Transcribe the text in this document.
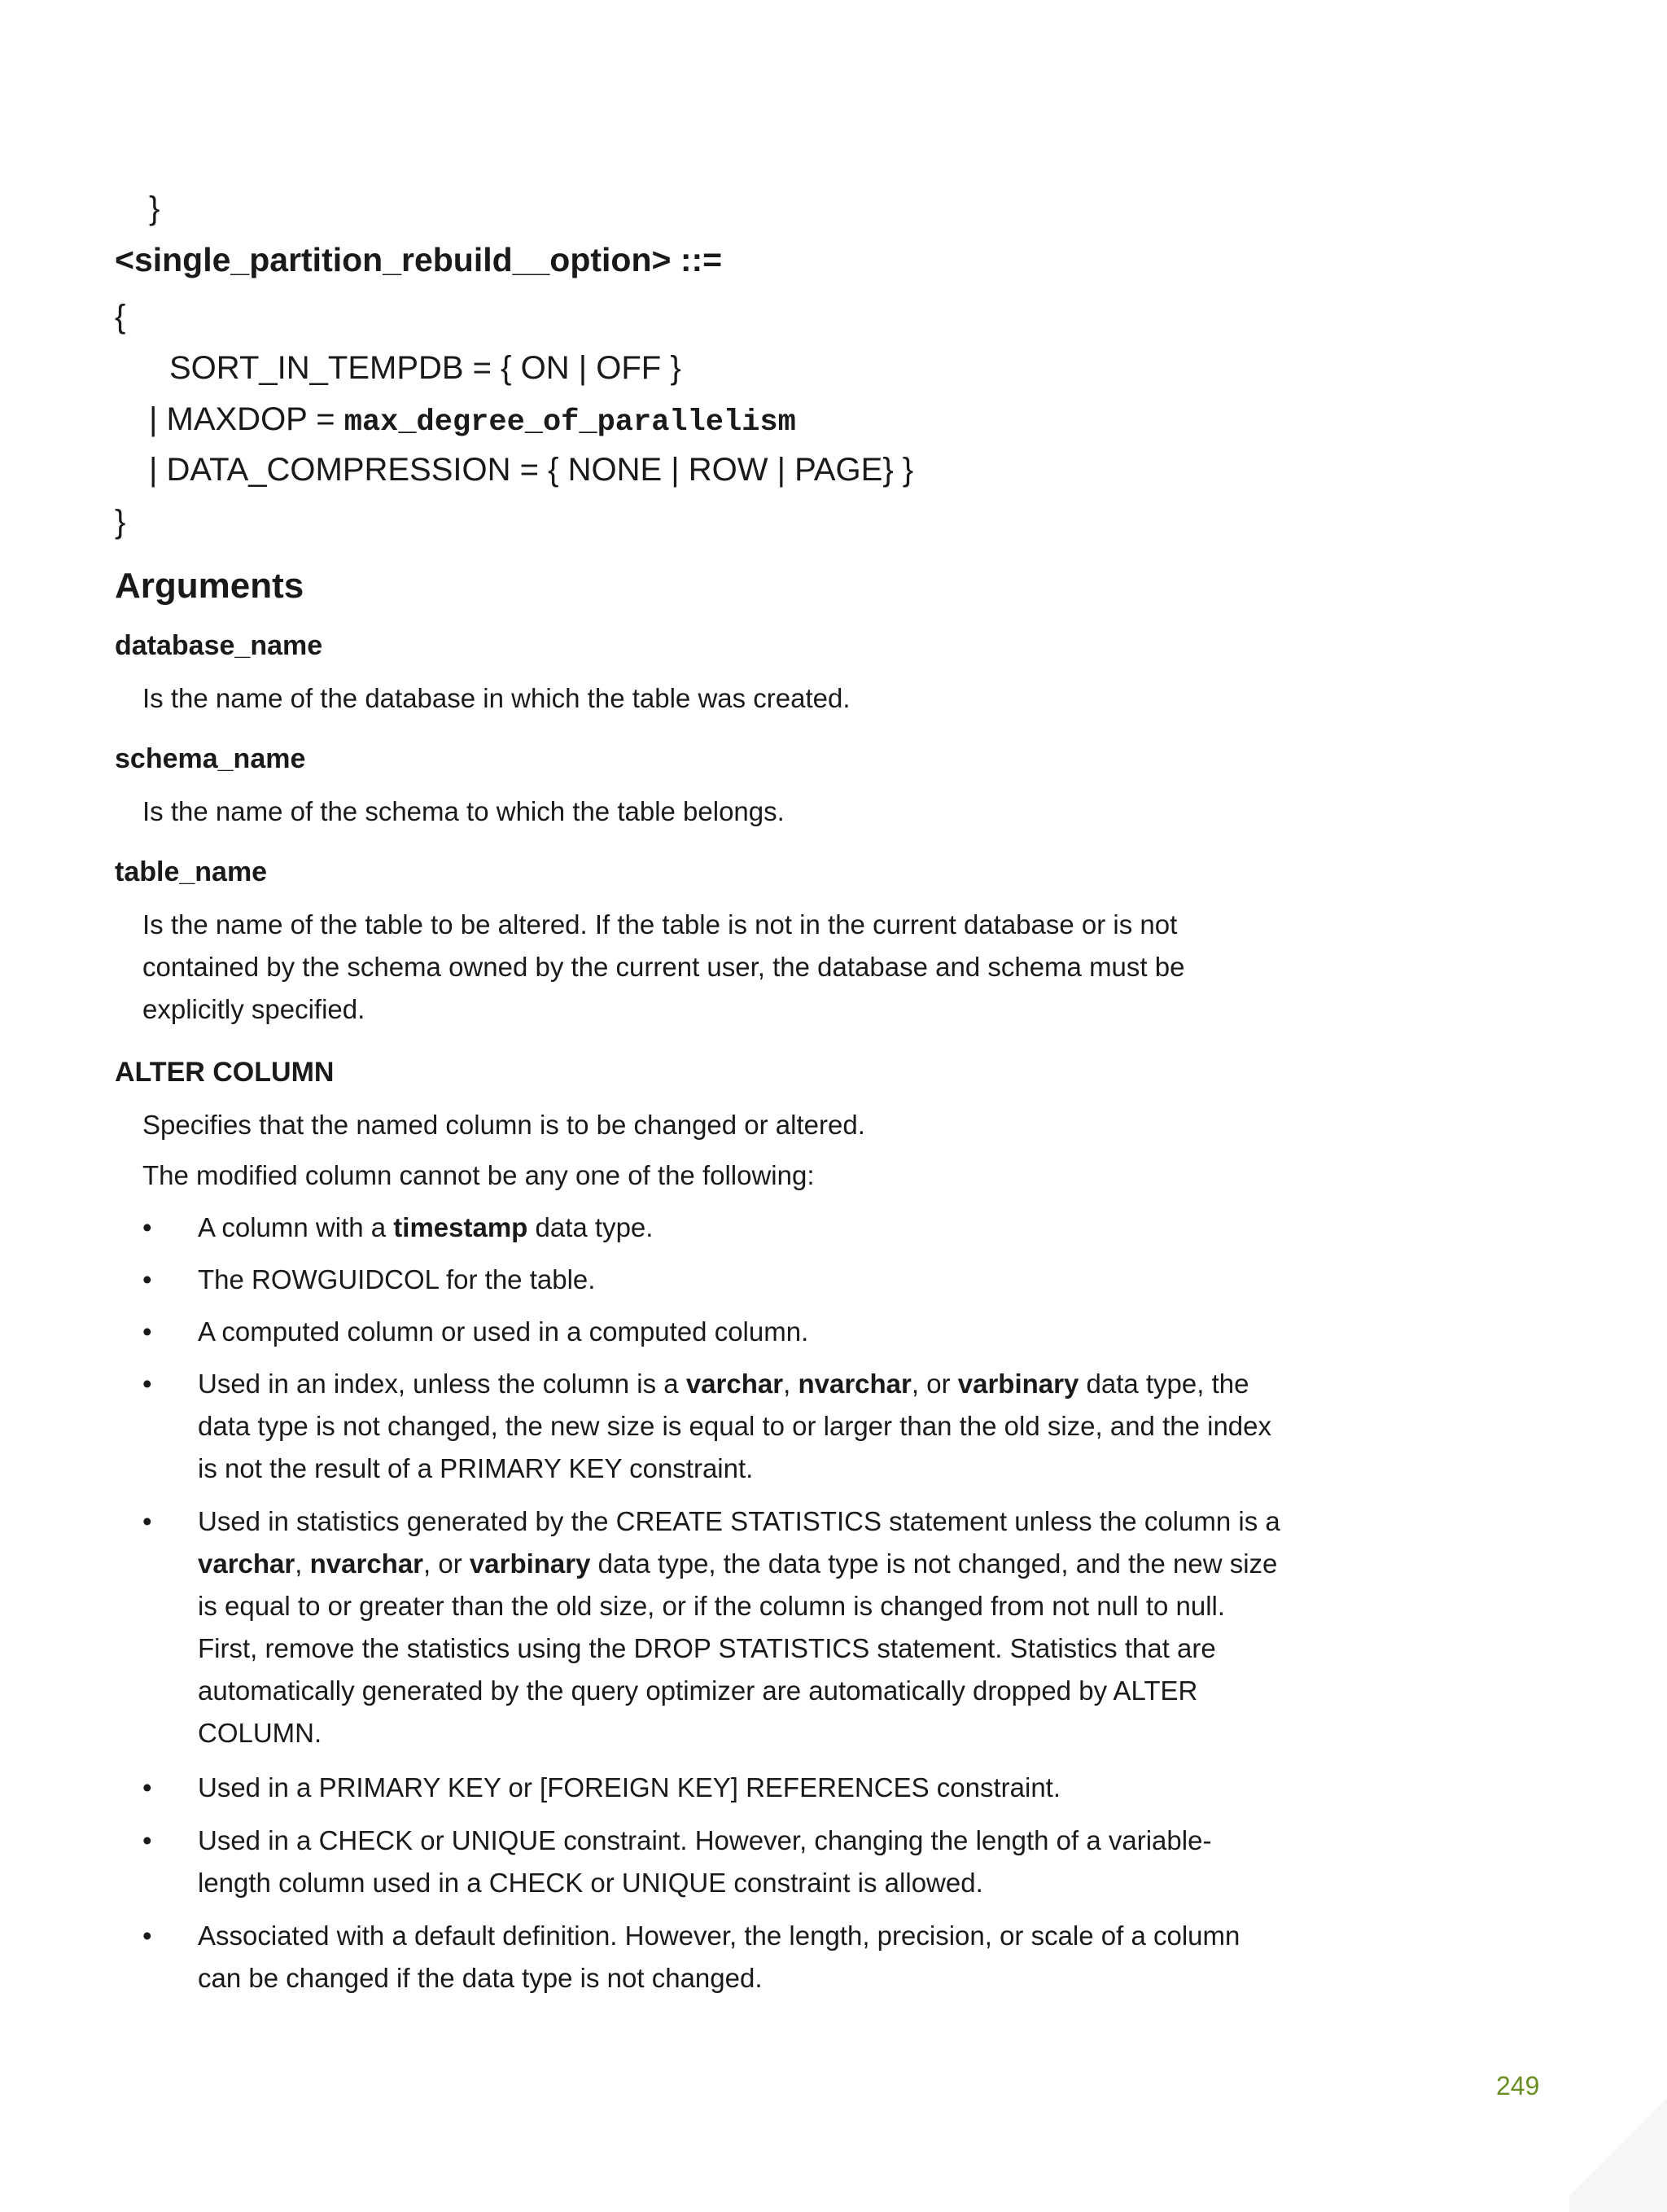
}
<single_partition_rebuild__option> ::=
{
SORT_IN_TEMPDB = { ON | OFF }
| MAXDOP = max_degree_of_parallelism
| DATA_COMPRESSION = { NONE | ROW | PAGE} }
}
Arguments
database_name
Is the name of the database in which the table was created.
schema_name
Is the name of the schema to which the table belongs.
table_name
Is the name of the table to be altered. If the table is not in the current database or is not contained by the schema owned by the current user, the database and schema must be explicitly specified.
ALTER COLUMN
Specifies that the named column is to be changed or altered.
The modified column cannot be any one of the following:
• A column with a timestamp data type.
• The ROWGUIDCOL for the table.
• A computed column or used in a computed column.
• Used in an index, unless the column is a varchar, nvarchar, or varbinary data type, the data type is not changed, the new size is equal to or larger than the old size, and the index is not the result of a PRIMARY KEY constraint.
• Used in statistics generated by the CREATE STATISTICS statement unless the column is a varchar, nvarchar, or varbinary data type, the data type is not changed, and the new size is equal to or greater than the old size, or if the column is changed from not null to null. First, remove the statistics using the DROP STATISTICS statement. Statistics that are automatically generated by the query optimizer are automatically dropped by ALTER COLUMN.
• Used in a PRIMARY KEY or [FOREIGN KEY] REFERENCES constraint.
• Used in a CHECK or UNIQUE constraint. However, changing the length of a variable-length column used in a CHECK or UNIQUE constraint is allowed.
• Associated with a default definition. However, the length, precision, or scale of a column can be changed if the data type is not changed.
249
